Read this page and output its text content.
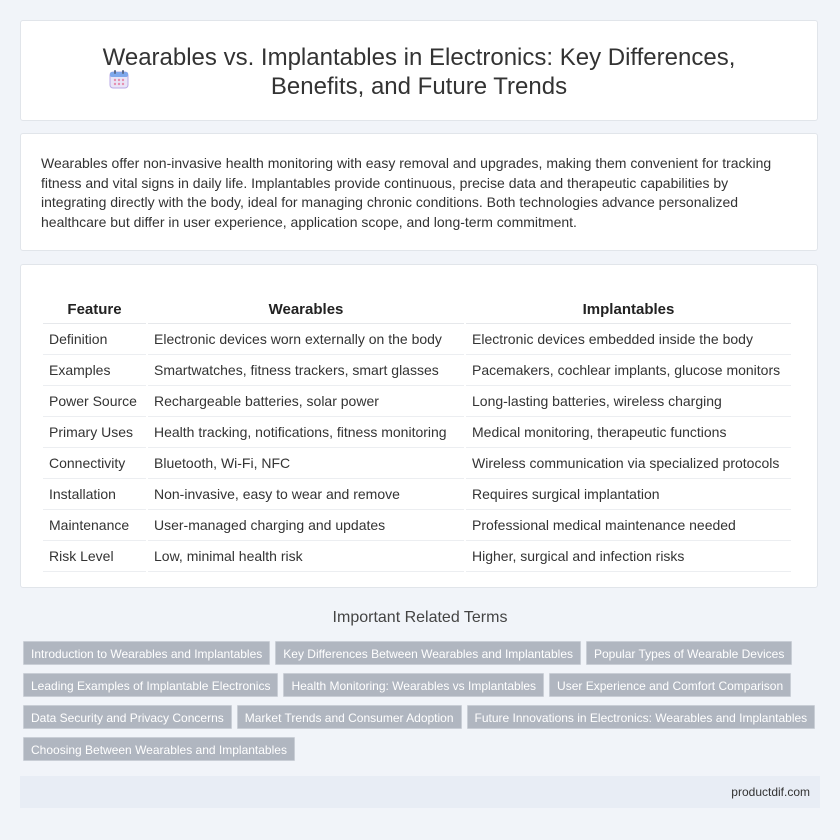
Wearables vs. Implantables in Electronics: Key Differences,
Benefits, and Future Trends

Wearables offer non-invasive health monitoring with easy removal and upgrades, making them convenient for tracking fitness and vital signs in daily life. Implantables provide continuous, precise data and therapeutic capabilities by integrating directly with the body, ideal for managing chronic conditions. Both technologies advance personalized healthcare but differ in user experience, application scope, and long-term commitment.

Feature	Wearables	Implantables
Definition	Electronic devices worn externally on the body	Electronic devices embedded inside the body
Examples	Smartwatches, fitness trackers, smart glasses	Pacemakers, cochlear implants, glucose monitors
Power Source	Rechargeable batteries, solar power	Long-lasting batteries, wireless charging
Primary Uses	Health tracking, notifications, fitness monitoring	Medical monitoring, therapeutic functions
Connectivity	Bluetooth, Wi-Fi, NFC	Wireless communication via specialized protocols
Installation	Non-invasive, easy to wear and remove	Requires surgical implantation
Maintenance	User-managed charging and updates	Professional medical maintenance needed
Risk Level	Low, minimal health risk	Higher, surgical and infection risks
Important Related Terms
Introduction to Wearables and Implantables Key Differences Between Wearables and Implantables Popular Types of Wearable Devices
Leading Examples of Implantable Electronics Health Monitoring: Wearables vs Implantables User Experience and Comfort Comparison
Data Security and Privacy Concerns Market Trends and Consumer Adoption Future Innovations in Electronics: Wearables and Implantables
Choosing Between Wearables and Implantables
productdif.com
